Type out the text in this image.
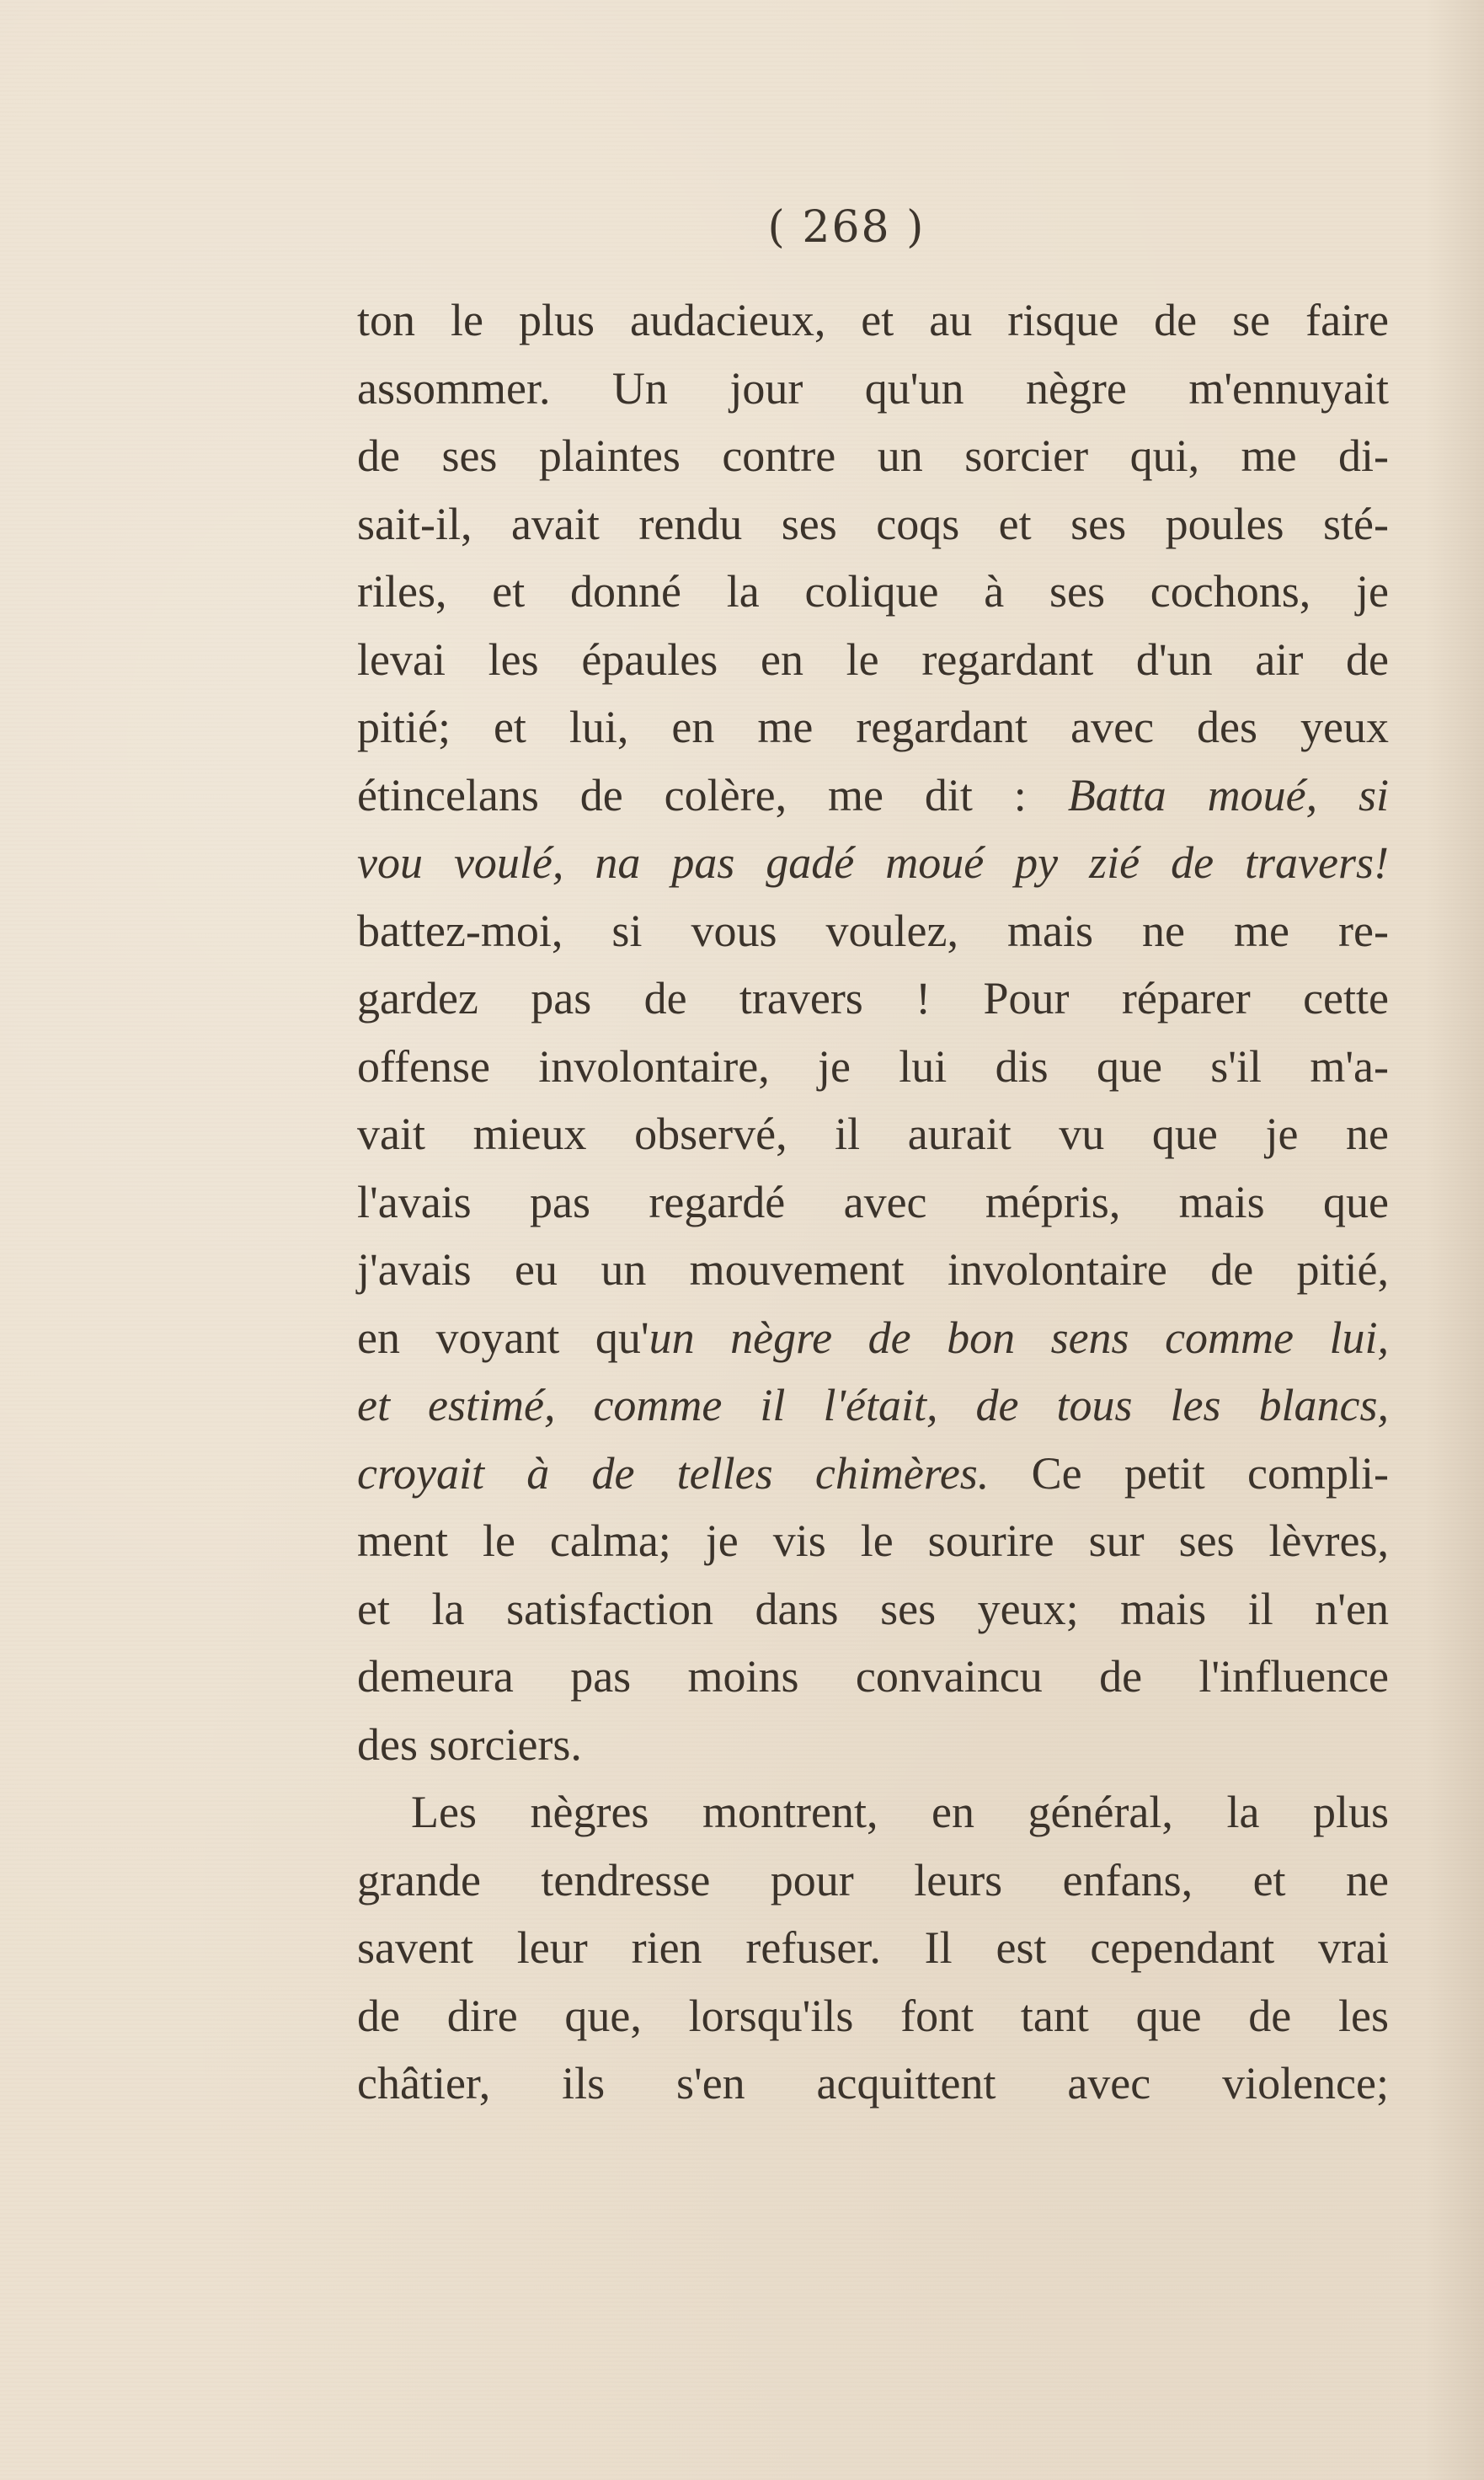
( 268 )
ton le plus audacieux, et au risque de se faire
assommer. Un jour qu'un nègre m'ennuyait
de ses plaintes contre un sorcier qui, me di-
sait-il, avait rendu ses coqs et ses poules sté-
riles, et donné la colique à ses cochons, je
levai les épaules en le regardant d'un air de
pitié; et lui, en me regardant avec des yeux
étincelans de colère, me dit : Batta moué, si
vou voulé, na pas gadé moué py zié de travers!
battez-moi, si vous voulez, mais ne me re-
gardez pas de travers ! Pour réparer cette
offense involontaire, je lui dis que s'il m'a-
vait mieux observé, il aurait vu que je ne
l'avais pas regardé avec mépris, mais que
j'avais eu un mouvement involontaire de pitié,
en voyant qu'un nègre de bon sens comme lui,
et estimé, comme il l'était, de tous les blancs,
croyait à de telles chimères. Ce petit compli-
ment le calma; je vis le sourire sur ses lèvres,
et la satisfaction dans ses yeux; mais il n'en
demeura pas moins convaincu de l'influence
des sorciers.
Les nègres montrent, en général, la plus
grande tendresse pour leurs enfans, et ne
savent leur rien refuser. Il est cependant vrai
de dire que, lorsqu'ils font tant que de les
châtier, ils s'en acquittent avec violence;
